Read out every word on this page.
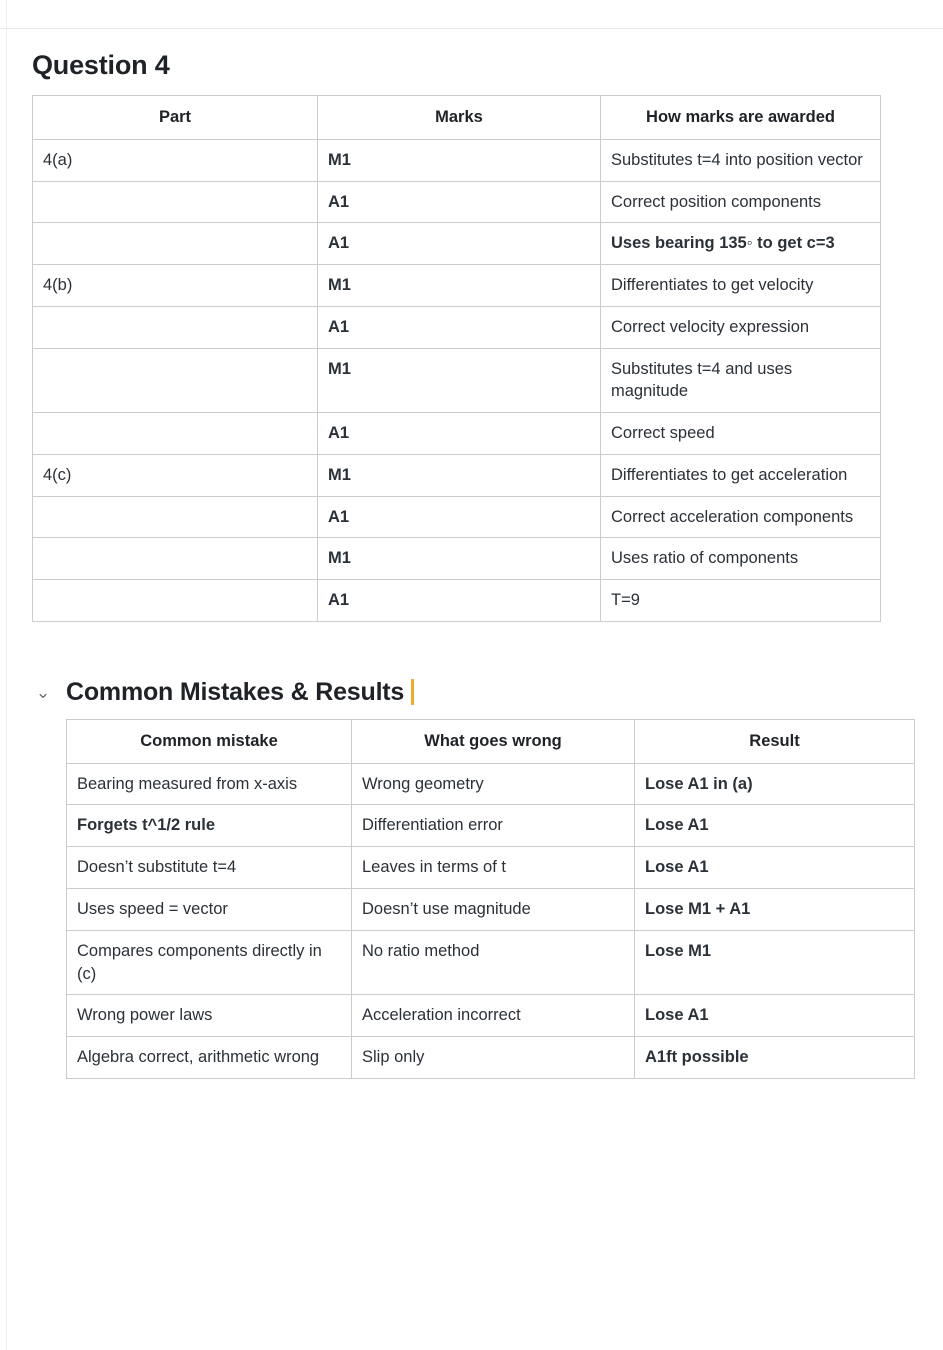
Question 4
Part	Marks	How marks are awarded
4(a)	M1	Substitutes t=4 into position vector
	A1	Correct position components
	A1	Uses bearing 135◦ to get c=3
4(b)	M1	Differentiates to get velocity
	A1	Correct velocity expression
	M1	Substitutes t=4 and uses magnitude
	A1	Correct speed
4(c)	M1	Differentiates to get acceleration
	A1	Correct acceleration components
	M1	Uses ratio of components
	A1	T=9
⌄ Common Mistakes & Results
Common mistake	What goes wrong	Result
Bearing measured from x-axis	Wrong geometry	Lose A1 in (a)
Forgets t^1/2 rule	Differentiation error	Lose A1
Doesn’t substitute t=4	Leaves in terms of t	Lose A1
Uses speed = vector	Doesn’t use magnitude	Lose M1 + A1
Compares components directly in (c)	No ratio method	Lose M1
Wrong power laws	Acceleration incorrect	Lose A1
Algebra correct, arithmetic wrong	Slip only	A1ft possible
